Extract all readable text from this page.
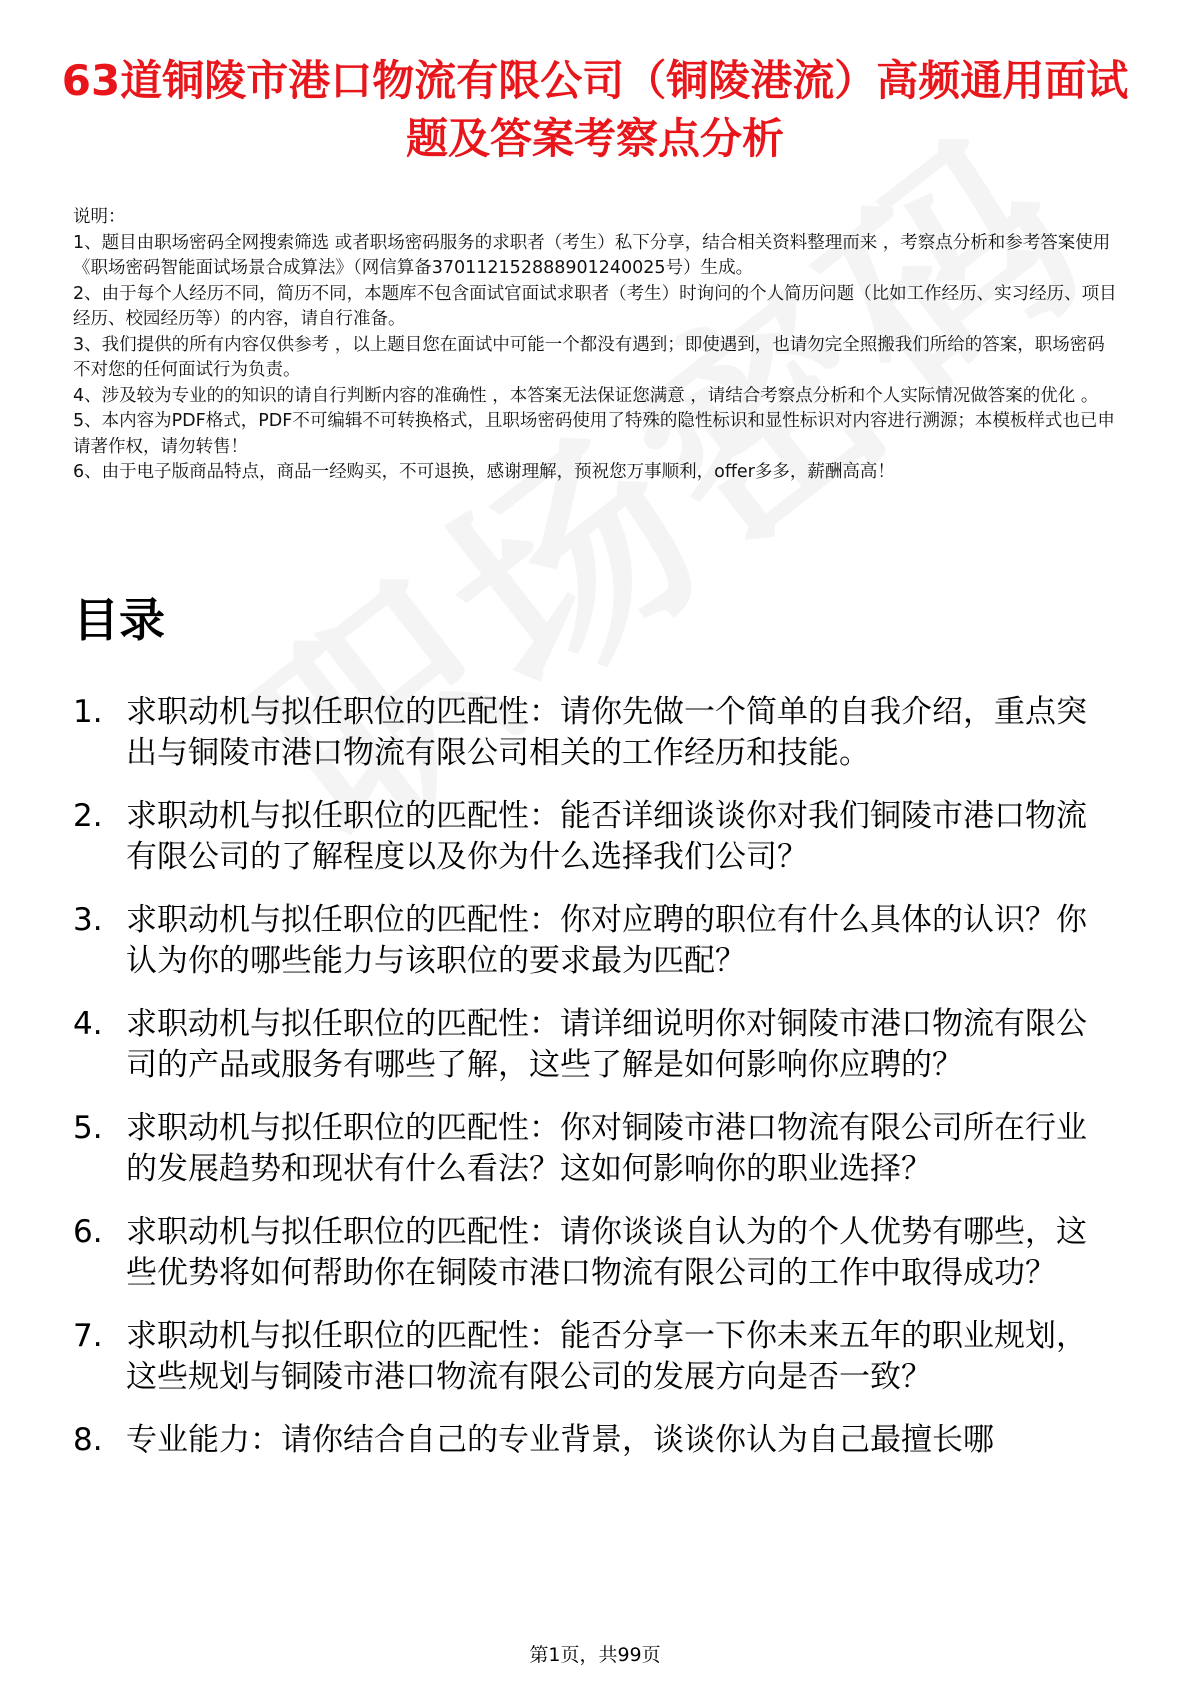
63道铜陵市港口物流有限公司（铜陵港流）高频通用面试题及答案考察点分析

说明：

1、题目由职场密码全网搜索筛选 或者职场密码服务的求职者（考生）私下分享，结合相关资料整理而来 ，考察点分析和参考答案使用《职场密码智能面试场景合成算法》（网信算备370112152888901240025号）生成。

2、由于每个人经历不同，简历不同，本题库不包含面试官面试求职者（考生）时询问的个人简历问题（比如工作经历、实习经历、项目经历、校园经历等）的内容，请自行准备。

3、我们提供的所有内容仅供参考 ，以上题目您在面试中可能一个都没有遇到；即使遇到，也请勿完全照搬我们所给的答案，职场密码不对您的任何面试行为负责。

4、涉及较为专业的的知识的请自行判断内容的准确性 ，本答案无法保证您满意 ，请结合考察点分析和个人实际情况做答案的优化 。

5、本内容为PDF格式，PDF不可编辑不可转换格式，且职场密码使用了特殊的隐性标识和显性标识对内容进行溯源；本模板样式也已申请著作权，请勿转售！

6、由于电子版商品特点，商品一经购买，不可退换，感谢理解，预祝您万事顺利，offer多多，薪酬高高！

目录
1. 求职动机与拟任职位的匹配性：请你先做一个简单的自我介绍，重点突出与铜陵市港口物流有限公司相关的工作经历和技能。
2. 求职动机与拟任职位的匹配性：能否详细谈谈你对我们铜陵市港口物流有限公司的了解程度以及你为什么选择我们公司？
3. 求职动机与拟任职位的匹配性：你对应聘的职位有什么具体的认识？你认为你的哪些能力与该职位的要求最为匹配？
4. 求职动机与拟任职位的匹配性：请详细说明你对铜陵市港口物流有限公司的产品或服务有哪些了解，这些了解是如何影响你应聘的？
5. 求职动机与拟任职位的匹配性：你对铜陵市港口物流有限公司所在行业的发展趋势和现状有什么看法？这如何影响你的职业选择？
6. 求职动机与拟任职位的匹配性：请你谈谈自认为的个人优势有哪些，这些优势将如何帮助你在铜陵市港口物流有限公司的工作中取得成功？
7. 求职动机与拟任职位的匹配性：能否分享一下你未来五年的职业规划，这些规划与铜陵市港口物流有限公司的发展方向是否一致？
8. 专业能力：请你结合自己的专业背景，谈谈你认为自己最擅长哪
第1页，共99页
